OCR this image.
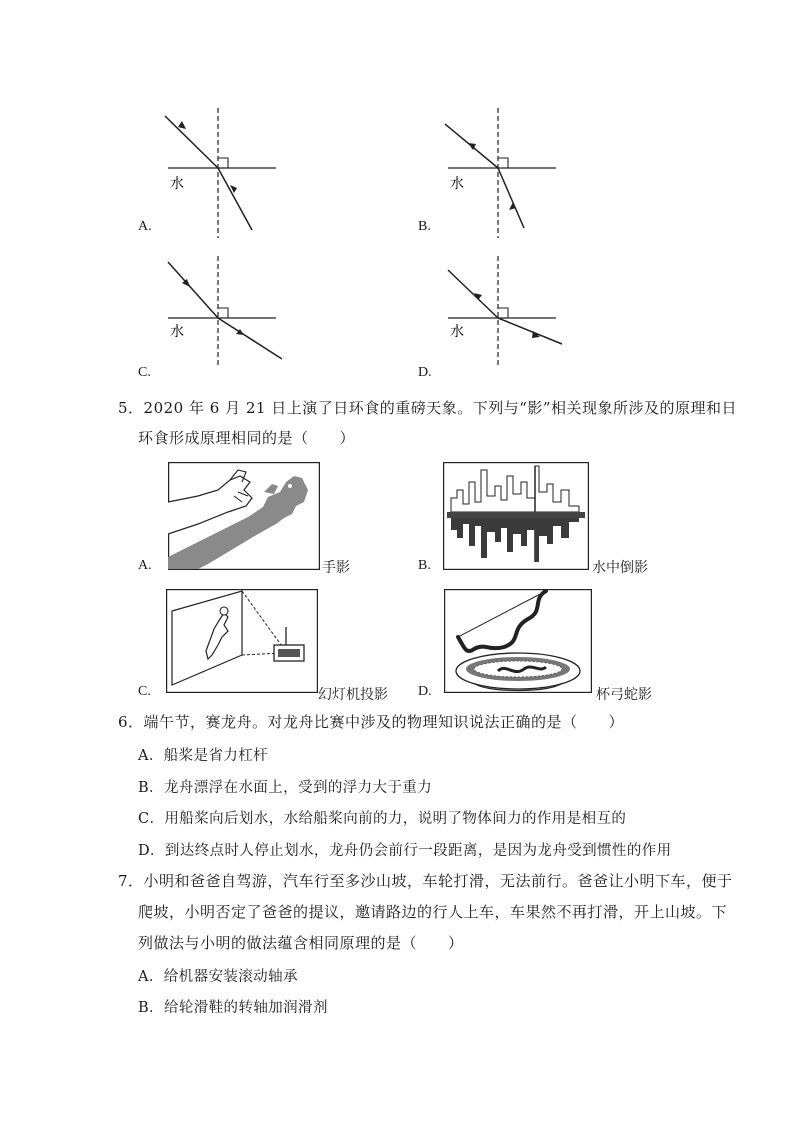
水
A.
水
B.
水
C.
水
D.
5．2020 年 6 月 21 日上演了日环食的重磅天象。下列与“影”相关现象所涉及的原理和日
环食形成原理相同的是（　　）
A.	手影	B.	水中倒影
C.	幻灯机投影 D.	杯弓蛇影
6．端午节，赛龙舟。对龙舟比赛中涉及的物理知识说法正确的是（　　）
A．船桨是省力杠杆
B．龙舟漂浮在水面上，受到的浮力大于重力
C．用船桨向后划水，水给船桨向前的力，说明了物体间力的作用是相互的
D．到达终点时人停止划水，龙舟仍会前行一段距离，是因为龙舟受到惯性的作用
7．小明和爸爸自驾游，汽车行至多沙山坡，车轮打滑，无法前行。爸爸让小明下车，便于
爬坡，小明否定了爸爸的提议，邀请路边的行人上车，车果然不再打滑，开上山坡。下
列做法与小明的做法蕴含相同原理的是（　　）
A．给机器安装滚动轴承
B．给轮滑鞋的转轴加润滑剂
